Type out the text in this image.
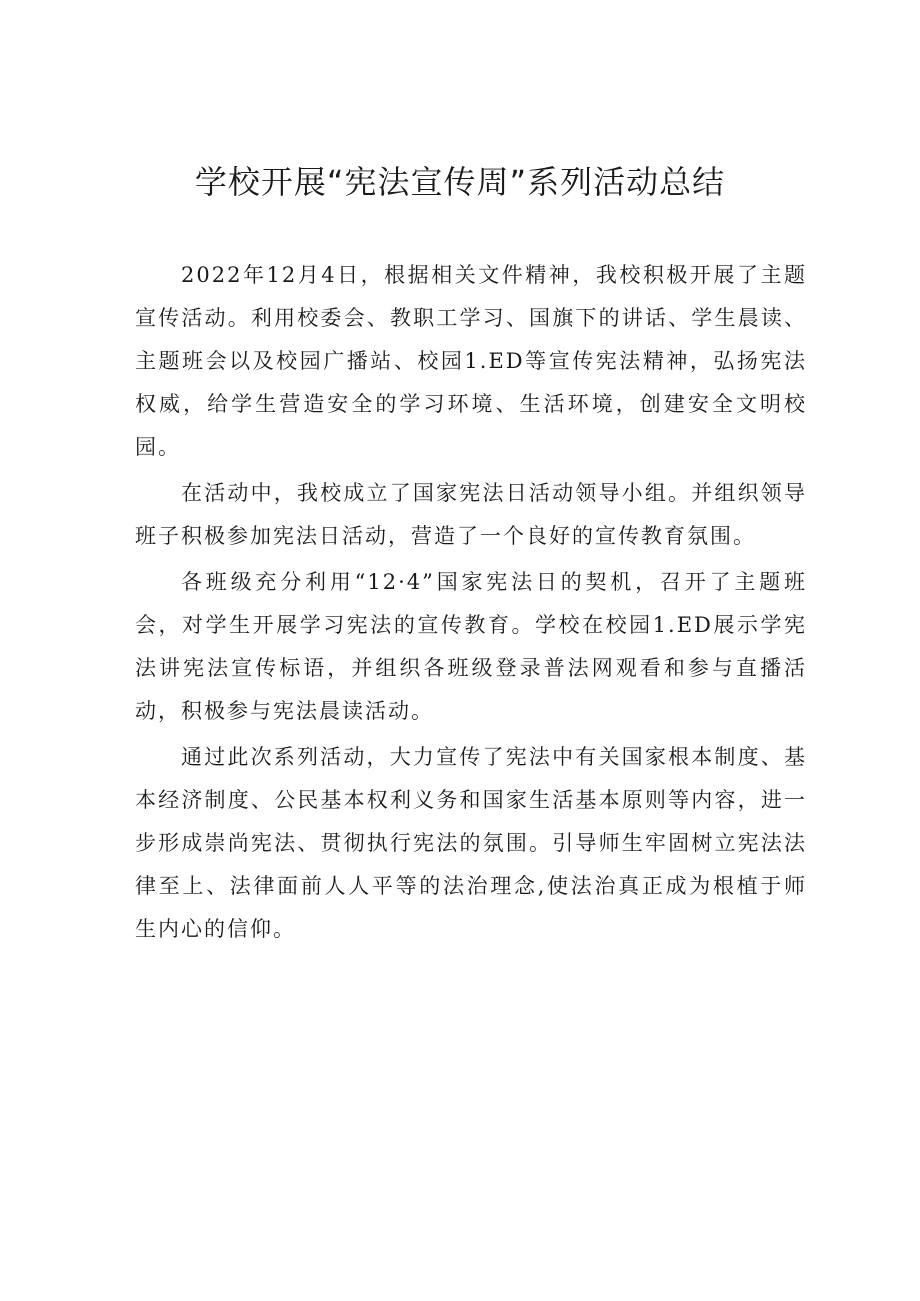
学校开展“宪法宣传周”系列活动总结

2022年12月4日，根据相关文件精神，我校积极开展了主题宣传活动。利用校委会、教职工学习、国旗下的讲话、学生晨读、主题班会以及校园广播站、校园1.ED等宣传宪法精神，弘扬宪法权威，给学生营造安全的学习环境、生活环境，创建安全文明校园。

在活动中，我校成立了国家宪法日活动领导小组。并组织领导班子积极参加宪法日活动，营造了一个良好的宣传教育氛围。

各班级充分利用“12·4”国家宪法日的契机，召开了主题班会，对学生开展学习宪法的宣传教育。学校在校园1.ED展示学宪法讲宪法宣传标语，并组织各班级登录普法网观看和参与直播活动，积极参与宪法晨读活动。

通过此次系列活动，大力宣传了宪法中有关国家根本制度、基本经济制度、公民基本权利义务和国家生活基本原则等内容，进一步形成崇尚宪法、贯彻执行宪法的氛围。引导师生牢固树立宪法法律至上、法律面前人人平等的法治理念,使法治真正成为根植于师生内心的信仰。
